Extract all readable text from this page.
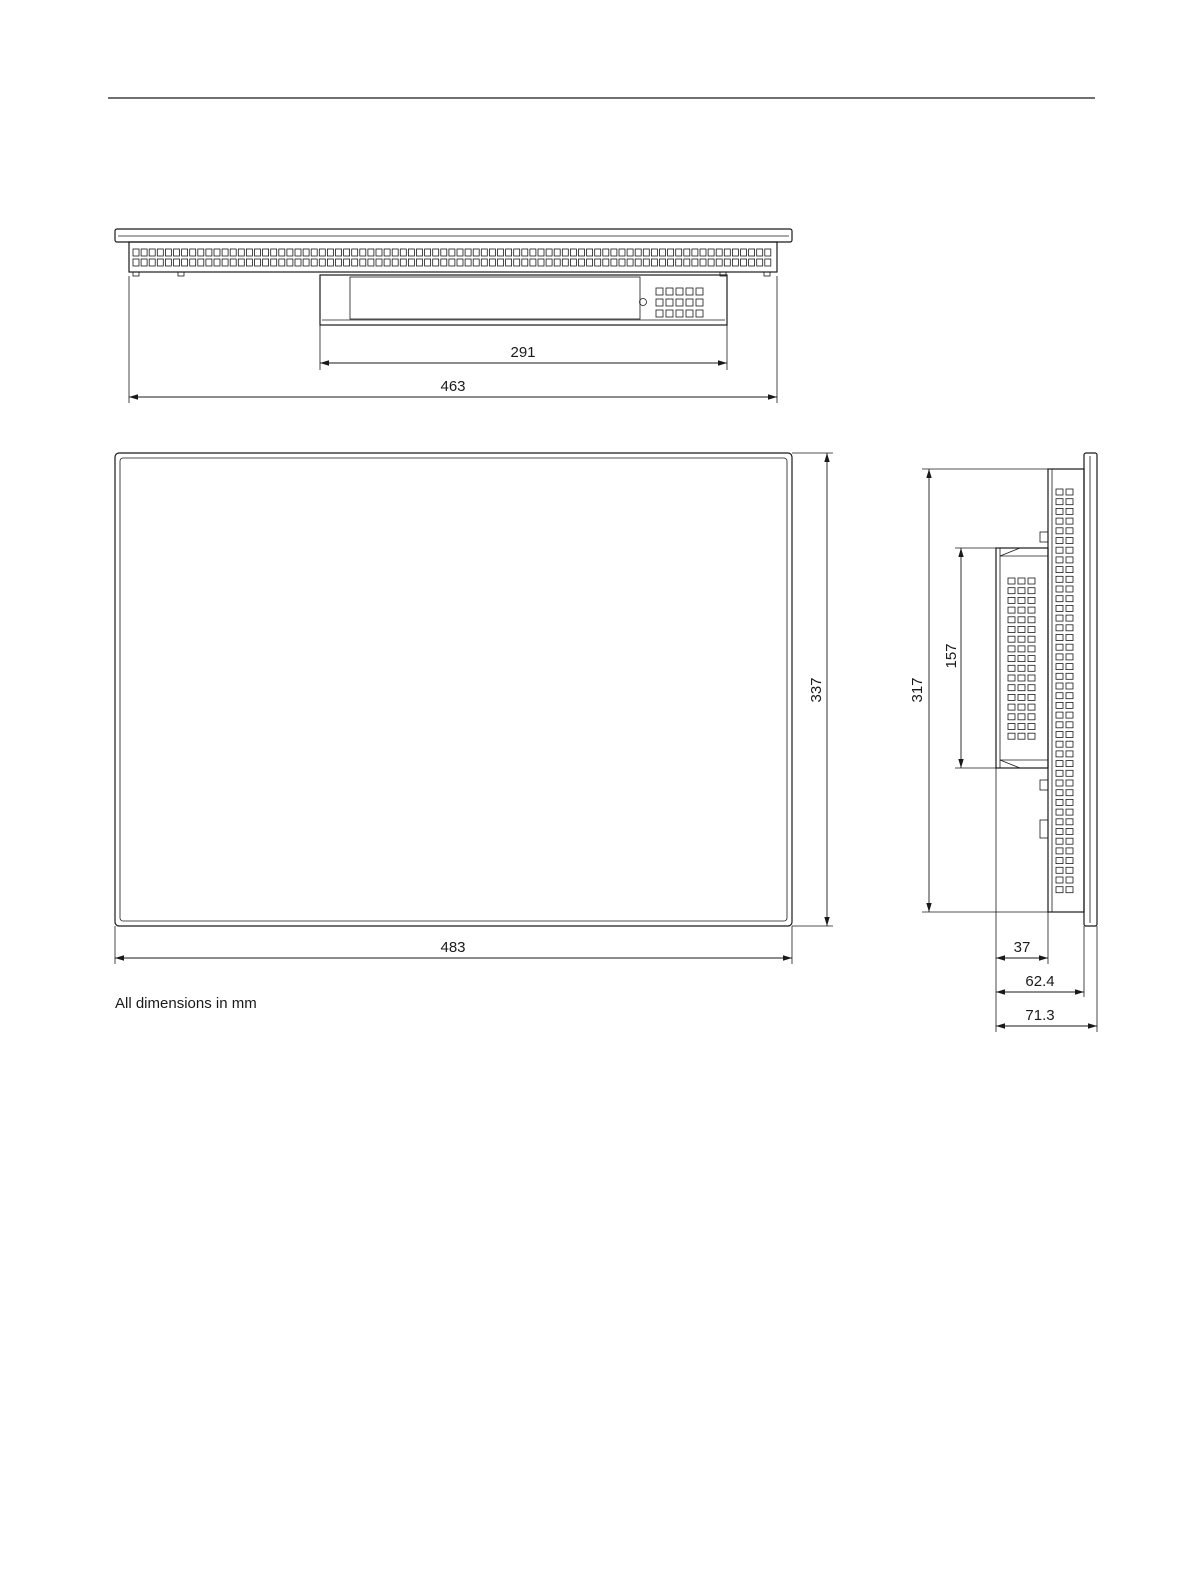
291
463
337
483
All dimensions in mm
317
157
37
62.4
71.3
